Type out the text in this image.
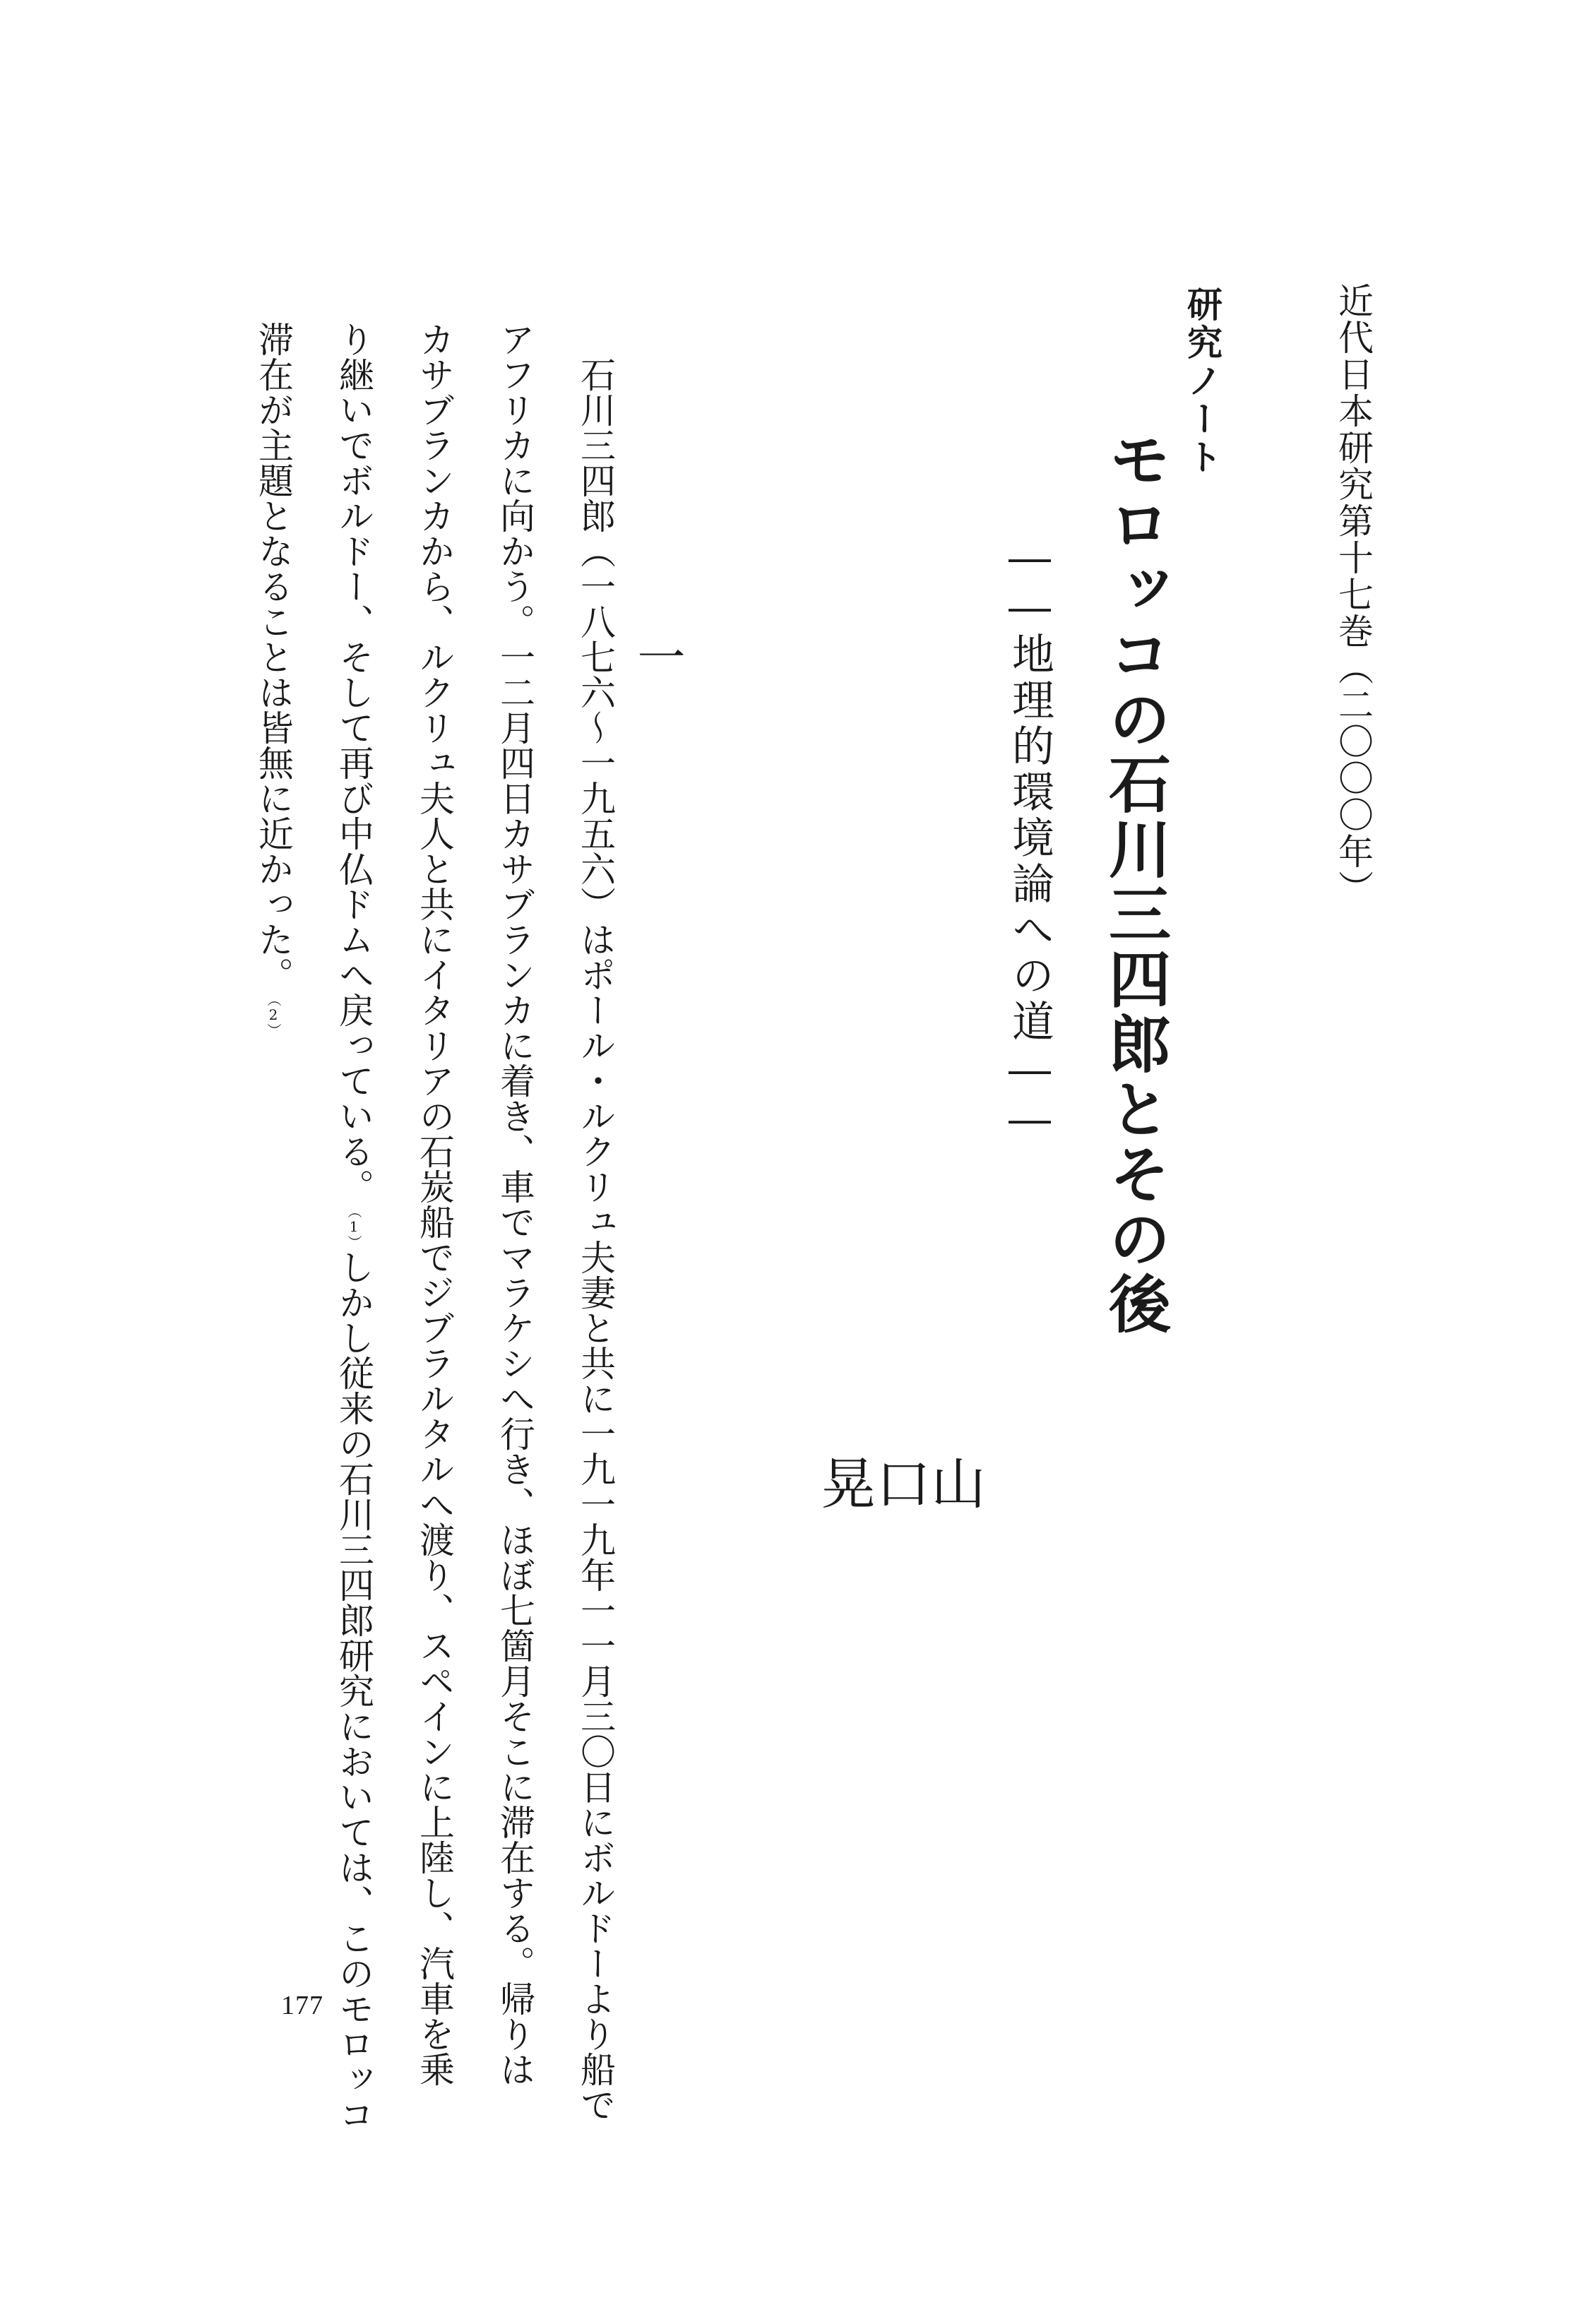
近代日本研究第十七巻（二〇〇〇年）
研究ノート
モロッコの石川三四郎とその後
――地理的環境論への道――
山
口
晃
一

石川三四郎（一八七六～一九五六）はポール・ルクリュ夫妻と共に一九一九年一一月三〇日にボルドーより船で

アフリカに向かう。一二月四日カサブランカに着き、車でマラケシへ行き、ほぼ七箇月そこに滞在する。帰りは

カサブランカから、ルクリュ夫人と共にイタリアの石炭船でジブラルタルへ渡り、スペインに上陸し、汽車を乗

り継いでボルドー、そして再び中仏ドムへ戻っている。（1）しかし従来の石川三四郎研究においては、このモロッコ

滞在が主題となることは皆無に近かった。（2）

177
